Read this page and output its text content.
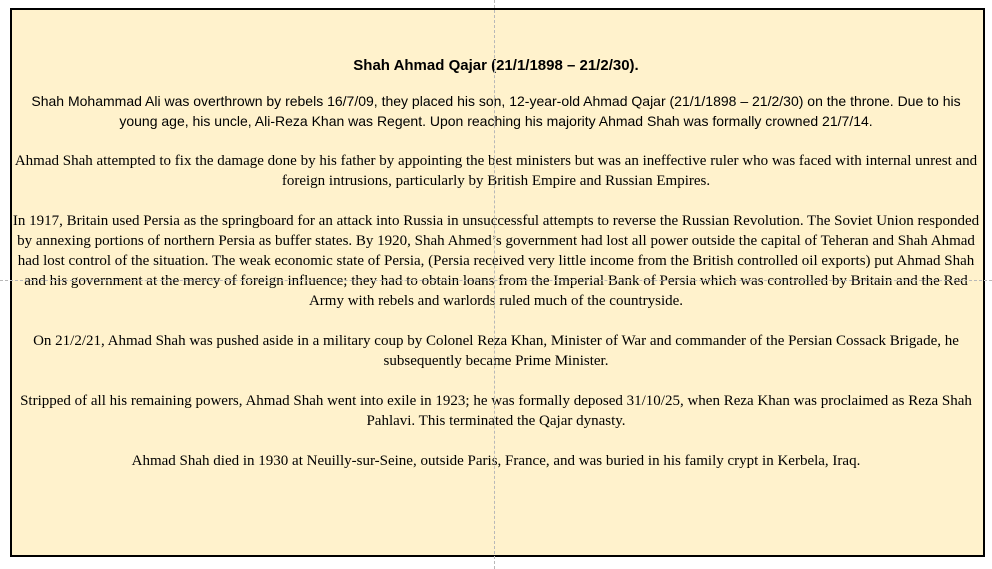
Shah Ahmad Qajar (21/1/1898 – 21/2/30).

Shah Mohammad Ali was overthrown by rebels 16/7/09, they placed his son, 12-year-old Ahmad Qajar (21/1/1898 – 21/2/30) on the throne. Due to his young age, his uncle, Ali-Reza Khan was Regent. Upon reaching his majority Ahmad Shah was formally crowned 21/7/14.

Ahmad Shah attempted to fix the damage done by his father by appointing the best ministers but was an ineffective ruler who was faced with internal unrest and foreign intrusions, particularly by British Empire and Russian Empires.

In 1917, Britain used Persia as the springboard for an attack into Russia in unsuccessful attempts to reverse the Russian Revolution. The Soviet Union responded by annexing portions of northern Persia as buffer states. By 1920, Shah Ahmed’s government had lost all power outside the capital of Teheran and Shah Ahmad had lost control of the situation. The weak economic state of Persia, (Persia received very little income from the British controlled oil exports) put Ahmad Shah and his government at the mercy of foreign influence; they had to obtain loans from the Imperial Bank of Persia which was controlled by Britain and the Red Army with rebels and warlords ruled much of the countryside.

On 21/2/21, Ahmad Shah was pushed aside in a military coup by Colonel Reza Khan, Minister of War and commander of the Persian Cossack Brigade, he subsequently became Prime Minister.

Stripped of all his remaining powers, Ahmad Shah went into exile in 1923; he was formally deposed 31/10/25, when Reza Khan was proclaimed as Reza Shah Pahlavi. This terminated the Qajar dynasty.

Ahmad Shah died in 1930 at Neuilly-sur-Seine, outside Paris, France, and was buried in his family crypt in Kerbela, Iraq.
